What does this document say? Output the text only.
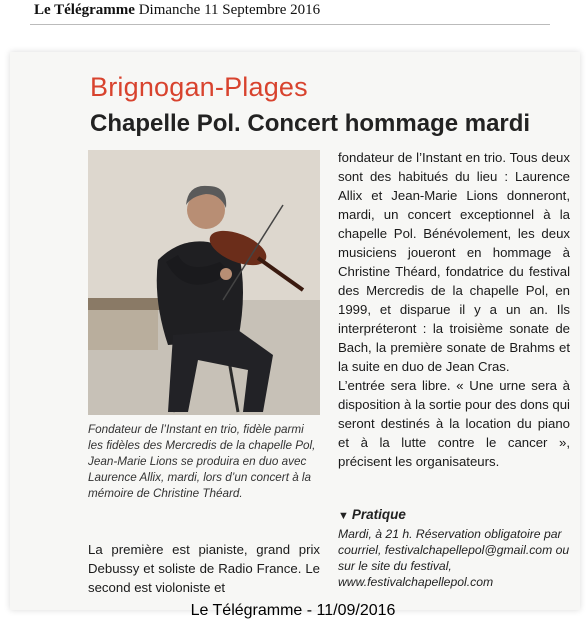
Le Télégramme Dimanche 11 Septembre 2016
Brignogan-Plages
Chapelle Pol. Concert hommage mardi
Fondateur de l’Instant en trio, fidèle parmi les fidèles des Mercredis de la chapelle Pol, Jean-Marie Lions se produira en duo avec Laurence Allix, mardi, lors d’un concert à la mémoire de Christine Théard.

La première est pianiste, grand prix Debussy et soliste de Radio France. Le second est violoniste et

fondateur de l’Instant en trio. Tous deux sont des habitués du lieu : Laurence Allix et Jean-Marie Lions donneront, mardi, un concert exceptionnel à la chapelle Pol. Bénévolement, les deux musiciens joueront en hommage à Christine Théard, fondatrice du festival des Mercredis de la chapelle Pol, en 1999, et disparue il y a un an. Ils interpréteront : la troisième sonate de Bach, la première sonate de Brahms et la suite en duo de Jean Cras.

L’entrée sera libre. « Une urne sera à disposition à la sortie pour des dons qui seront destinés à la location du piano et à la lutte contre le cancer », précisent les organisateurs.

▼ Pratique
Mardi, à 21 h. Réservation obligatoire par courriel, festivalchapellepol@gmail.com ou sur le site du festival, www.festivalchapellepol.com
Le Télégramme - 11/09/2016
